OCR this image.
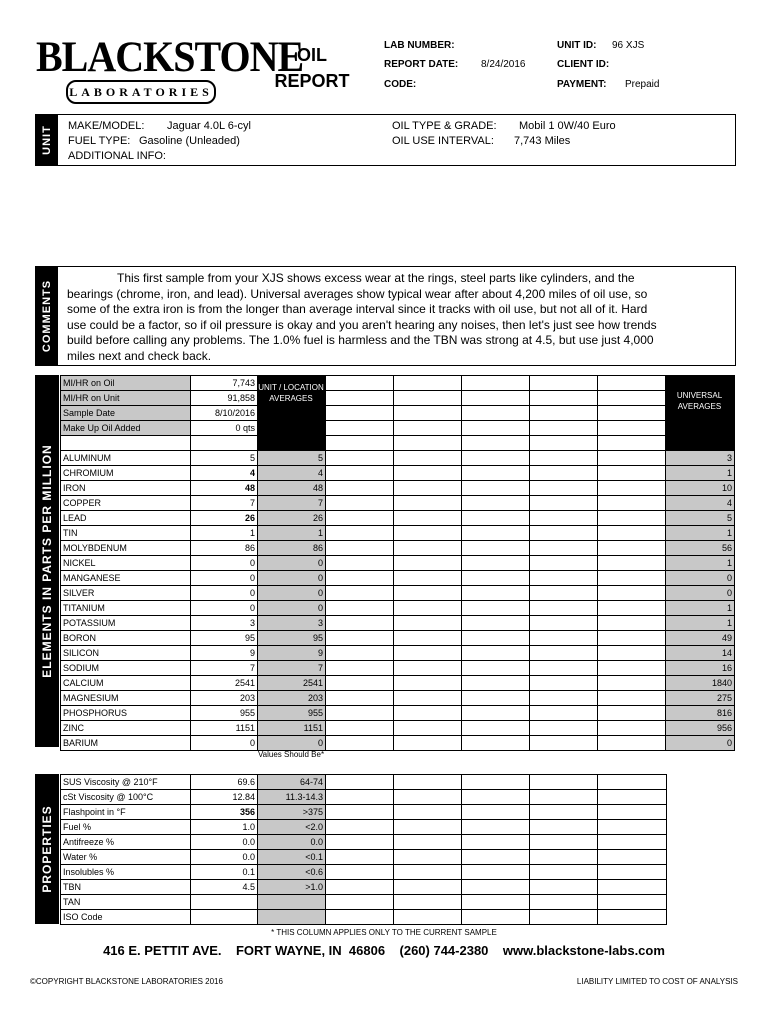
BLACKSTONE
LABORATORIES
OIL
REPORT
LAB NUMBER:
REPORT DATE: 8/24/2016
CODE:
UNIT ID: 96 XJS
CLIENT ID:
PAYMENT: Prepaid
UNIT MAKE/MODEL: Jaguar 4.0L 6-cyl
FUEL TYPE: Gasoline (Unleaded)
ADDITIONAL INFO:
OIL TYPE & GRADE: Mobil 1 0W/40 Euro
OIL USE INTERVAL: 7,743 Miles
COMMENTS
This first sample from your XJS shows excess wear at the rings, steel parts like cylinders, and the bearings (chrome, iron, and lead). Universal averages show typical wear after about 4,200 miles of oil use, so some of the extra iron is from the longer than average interval since it tracks with oil use, but not all of it. Hard use could be a factor, so if oil pressure is okay and you aren't hearing any noises, then let's just see how trends build before calling any problems. The 1.0% fuel is harmless and the TBN was strong at 4.5, but use just 4,000 miles next and check back.
ELEMENTS IN PARTS PER MILLION
MI/HR on Oil	7,743							
MI/HR on Unit	91,858							
Sample Date	8/10/2016							
Make Up Oil Added	0 qts							

ALUMINUM	5	5						3
CHROMIUM	4	4						1
IRON	48	48						10
COPPER	7	7						4
LEAD	26	26						5
TIN	1	1						1
MOLYBDENUM	86	86						56
NICKEL	0	0						1
MANGANESE	0	0						0
SILVER	0	0						0
TITANIUM	0	0						1
POTASSIUM	3	3						1
BORON	95	95						49
SILICON	9	9						14
SODIUM	7	7						16
CALCIUM	2541	2541						1840
MAGNESIUM	203	203						275
PHOSPHORUS	955	955						816
ZINC	1151	1151						956
BARIUM	0	0						0
UNIT / LOCATION AVERAGES	UNIVERSAL AVERAGES
Values Should Be*
PROPERTIES
SUS Viscosity @ 210°F	69.6	64-74					
cSt Viscosity @ 100°C	12.84	11.3-14.3					
Flashpoint in °F	356	>375					
Fuel %	1.0	<2.0					
Antifreeze %	0.0	0.0					
Water %	0.0	<0.1					
Insolubles %	0.1	<0.6					
TBN	4.5	>1.0					
TAN							
ISO Code							
* THIS COLUMN APPLIES ONLY TO THE CURRENT SAMPLE
416 E. PETTIT AVE.    FORT WAYNE, IN  46806    (260) 744-2380    www.blackstone-labs.com
©COPYRIGHT BLACKSTONE LABORATORIES 2016	LIABILITY LIMITED TO COST OF ANALYSIS
